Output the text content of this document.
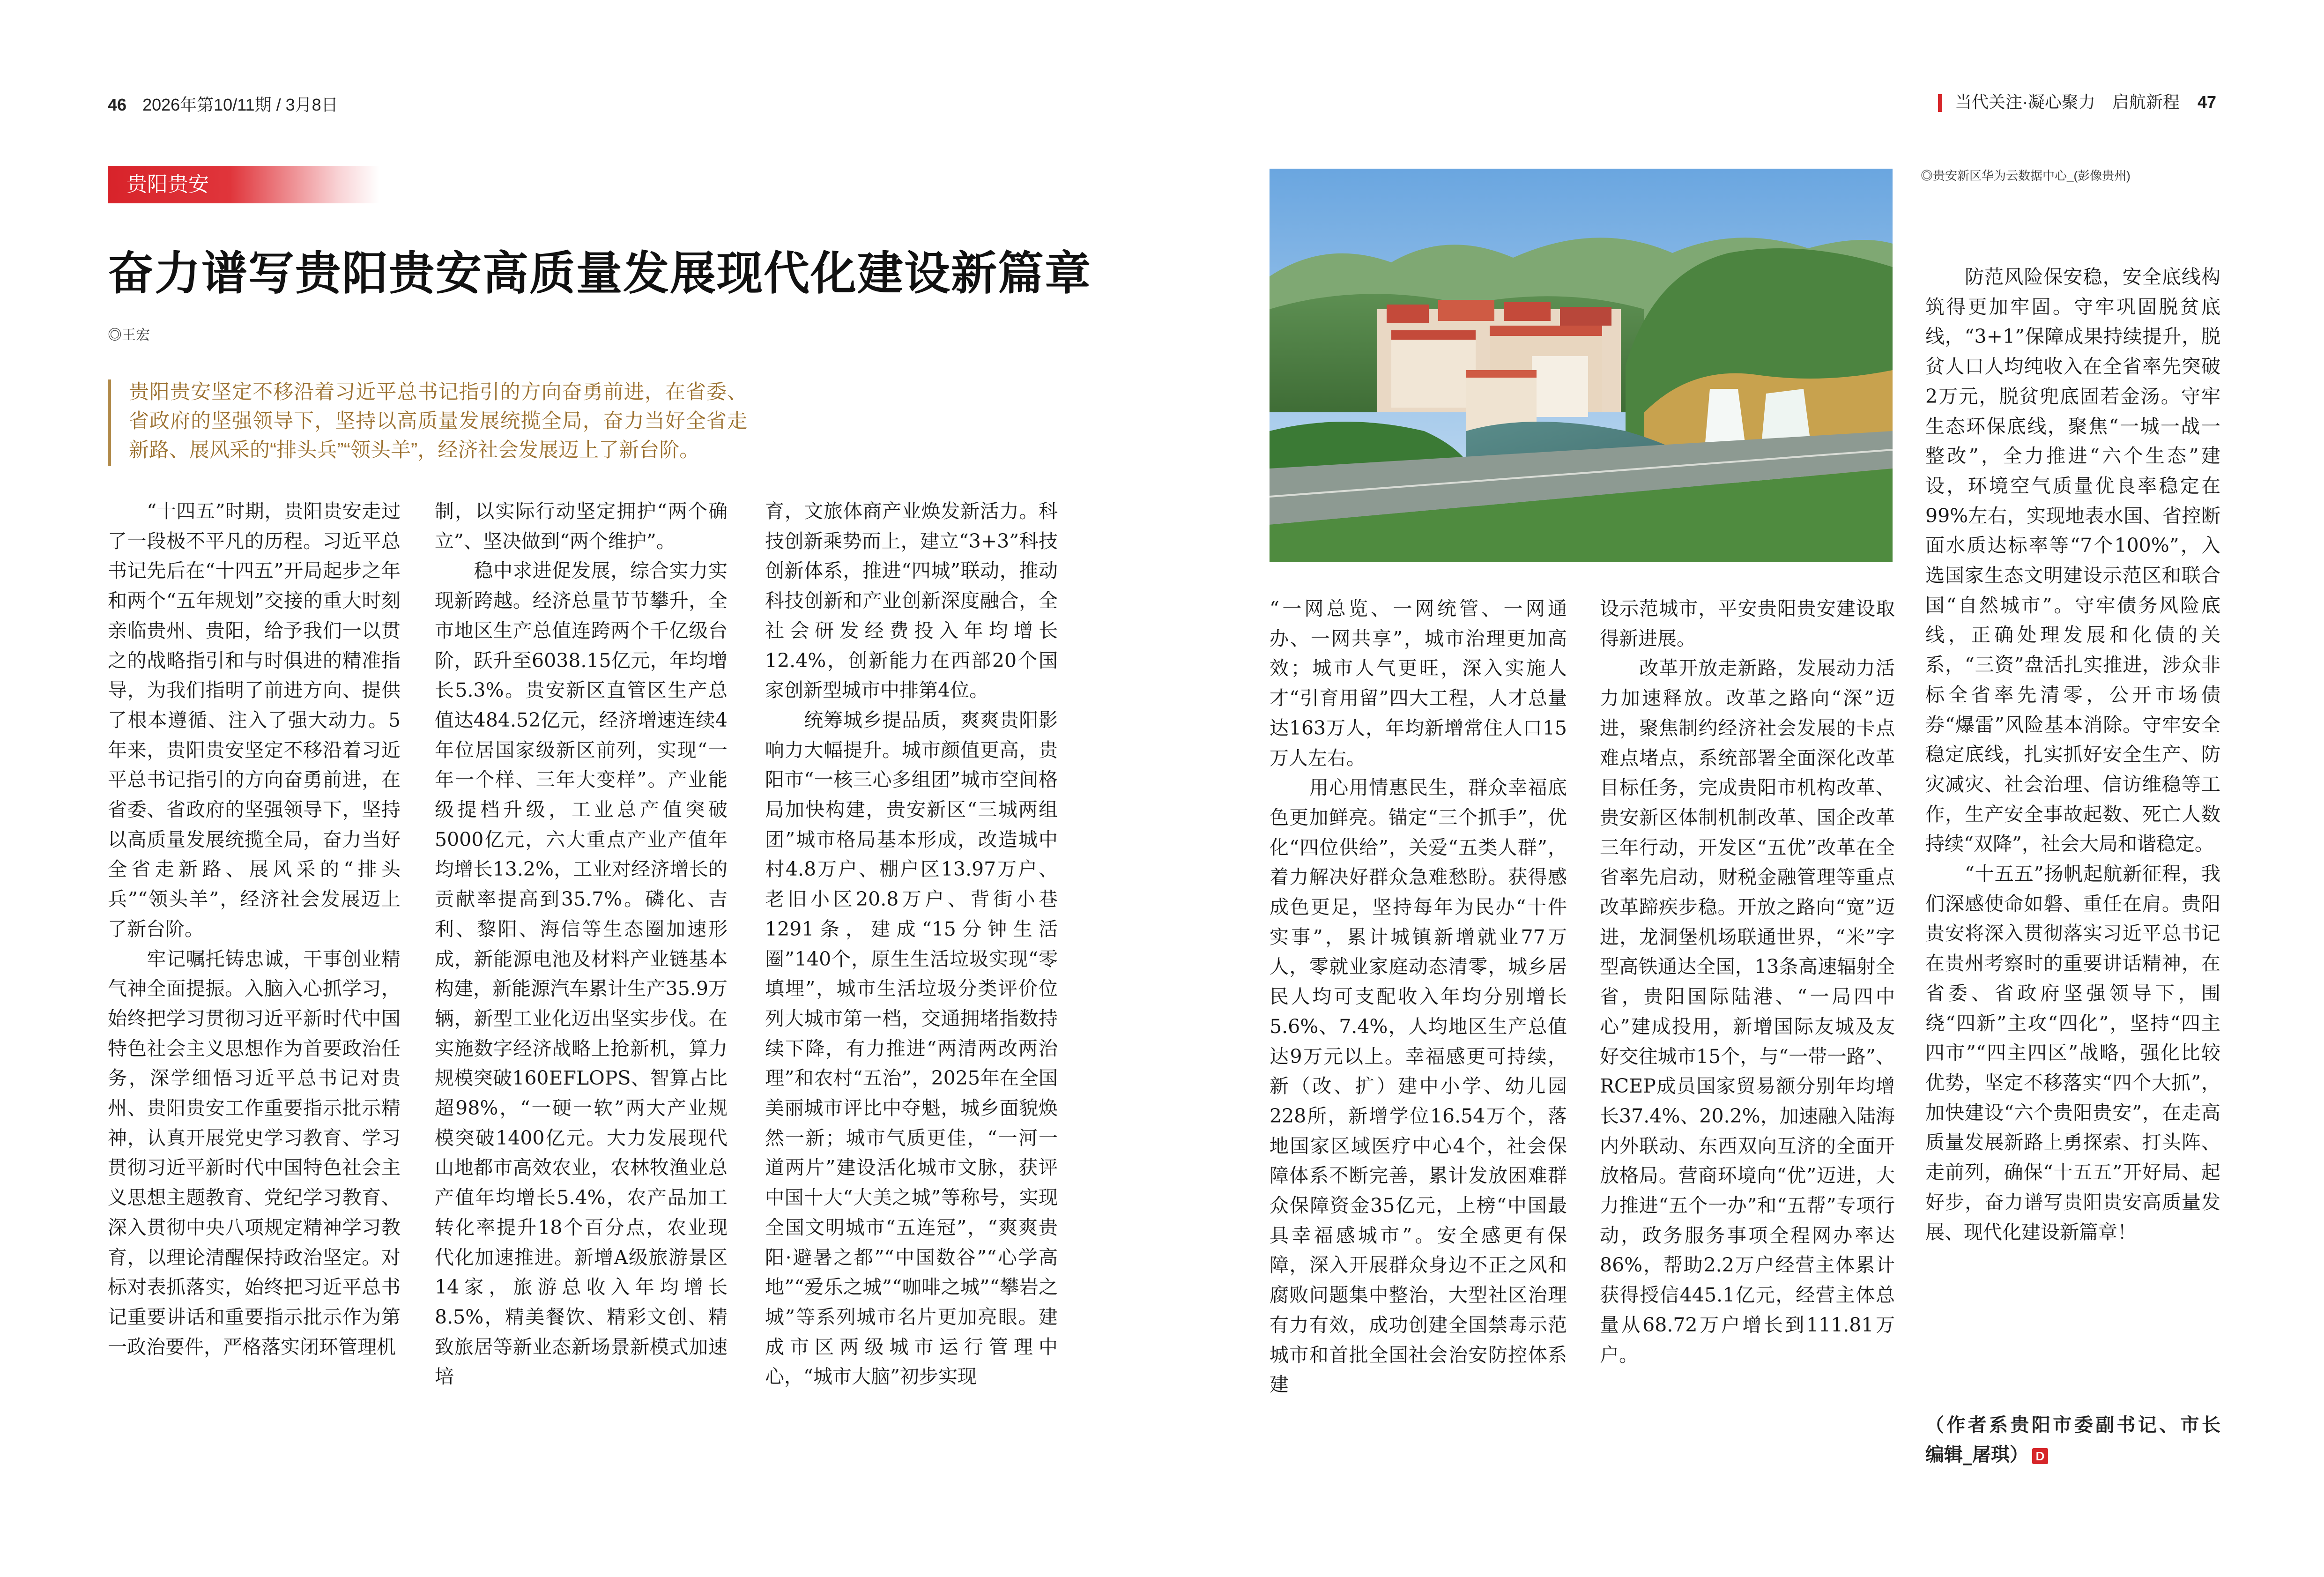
46 2026年第10/11期 / 3月8日	当代关注·凝心聚力　启航新程 47
贵阳贵安
奋力谱写贵阳贵安高质量发展现代化建设新篇章
◎王宏
贵阳贵安坚定不移沿着习近平总书记指引的方向奋勇前进，在省委、省政府的坚强领导下，坚持以高质量发展统揽全局，奋力当好全省走新路、展风采的“排头兵”“领头羊”，经济社会发展迈上了新台阶。
　　“十四五”时期，贵阳贵安走过了一段极不平凡的历程。习近平总书记先后在“十四五”开局起步之年和两个“五年规划”交接的重大时刻亲临贵州、贵阳，给予我们一以贯之的战略指引和与时俱进的精准指导，为我们指明了前进方向、提供了根本遵循、注入了强大动力。5年来，贵阳贵安坚定不移沿着习近平总书记指引的方向奋勇前进，在省委、省政府的坚强领导下，坚持以高质量发展统揽全局，奋力当好全省走新路、展风采的“排头兵”“领头羊”，经济社会发展迈上了新台阶。
　　牢记嘱托铸忠诚，干事创业精气神全面提振。入脑入心抓学习，始终把学习贯彻习近平新时代中国特色社会主义思想作为首要政治任务，深学细悟习近平总书记对贵州、贵阳贵安工作重要指示批示精神，认真开展党史学习教育、学习贯彻习近平新时代中国特色社会主义思想主题教育、党纪学习教育、深入贯彻中央八项规定精神学习教育，以理论清醒保持政治坚定。对标对表抓落实，始终把习近平总书记重要讲话和重要指示批示作为第一政治要件，严格落实闭环管理机
制，以实际行动坚定拥护“两个确立”、坚决做到“两个维护”。
　　稳中求进促发展，综合实力实现新跨越。经济总量节节攀升，全市地区生产总值连跨两个千亿级台阶，跃升至6038.15亿元，年均增长5.3%。贵安新区直管区生产总值达484.52亿元，经济增速连续4年位居国家级新区前列，实现“一年一个样、三年大变样”。产业能级提档升级，工业总产值突破5000亿元，六大重点产业产值年均增长13.2%，工业对经济增长的贡献率提高到35.7%。磷化、吉利、黎阳、海信等生态圈加速形成，新能源电池及材料产业链基本构建，新能源汽车累计生产35.9万辆，新型工业化迈出坚实步伐。在实施数字经济战略上抢新机，算力规模突破160EFLOPS、智算占比超98%，“一硬一软”两大产业规模突破1400亿元。大力发展现代山地都市高效农业，农林牧渔业总产值年均增长5.4%，农产品加工转化率提升18个百分点，农业现代化加速推进。新增A级旅游景区14家，旅游总收入年均增长8.5%，精美餐饮、精彩文创、精致旅居等新业态新场景新模式加速培
育，文旅体商产业焕发新活力。科技创新乘势而上，建立“3+3”科技创新体系，推进“四城”联动，推动科技创新和产业创新深度融合，全社会研发经费投入年均增长12.4%，创新能力在西部20个国家创新型城市中排第4位。
　　统筹城乡提品质，爽爽贵阳影响力大幅提升。城市颜值更高，贵阳市“一核三心多组团”城市空间格局加快构建，贵安新区“三城两组团”城市格局基本形成，改造城中村4.8万户、棚户区13.97万户、老旧小区20.8万户、背街小巷1291条，建成“15分钟生活圈”140个，原生生活垃圾实现“零填埋”，城市生活垃圾分类评价位列大城市第一档，交通拥堵指数持续下降，有力推进“两清两改两治理”和农村“五治”，2025年在全国美丽城市评比中夺魁，城乡面貌焕然一新；城市气质更佳，“一河一道两片”建设活化城市文脉，获评中国十大“大美之城”等称号，实现全国文明城市“五连冠”，“爽爽贵阳·避暑之都”“中国数谷”“心学高地”“爱乐之城”“咖啡之城”“攀岩之城”等系列城市名片更加亮眼。建成市区两级城市运行管理中心，“城市大脑”初步实现
◎贵安新区华为云数据中心_(彭像贵州)
“一网总览、一网统管、一网通办、一网共享”，城市治理更加高效；城市人气更旺，深入实施人才“引育用留”四大工程，人才总量达163万人，年均新增常住人口15万人左右。
　　用心用情惠民生，群众幸福底色更加鲜亮。锚定“三个抓手”，优化“四位供给”，关爱“五类人群”，着力解决好群众急难愁盼。获得感成色更足，坚持每年为民办“十件实事”，累计城镇新增就业77万人，零就业家庭动态清零，城乡居民人均可支配收入年均分别增长5.6%、7.4%，人均地区生产总值达9万元以上。幸福感更可持续，新（改、扩）建中小学、幼儿园228所，新增学位16.54万个，落地国家区域医疗中心4个，社会保障体系不断完善，累计发放困难群众保障资金35亿元，上榜“中国最具幸福感城市”。安全感更有保障，深入开展群众身边不正之风和腐败问题集中整治，大型社区治理有力有效，成功创建全国禁毒示范城市和首批全国社会治安防控体系建
设示范城市，平安贵阳贵安建设取得新进展。
　　改革开放走新路，发展动力活力加速释放。改革之路向“深”迈进，聚焦制约经济社会发展的卡点难点堵点，系统部署全面深化改革目标任务，完成贵阳市机构改革、贵安新区体制机制改革、国企改革三年行动，开发区“五优”改革在全省率先启动，财税金融管理等重点改革蹄疾步稳。开放之路向“宽”迈进，龙洞堡机场联通世界，“米”字型高铁通达全国，13条高速辐射全省，贵阳国际陆港、“一局四中心”建成投用，新增国际友城及友好交往城市15个，与“一带一路”、RCEP成员国家贸易额分别年均增长37.4%、20.2%，加速融入陆海内外联动、东西双向互济的全面开放格局。营商环境向“优”迈进，大力推进“五个一办”和“五帮”专项行动，政务服务事项全程网办率达86%，帮助2.2万户经营主体累计获得授信445.1亿元，经营主体总量从68.72万户增长到111.81万户。
　　防范风险保安稳，安全底线构筑得更加牢固。守牢巩固脱贫底线，“3+1”保障成果持续提升，脱贫人口人均纯收入在全省率先突破2万元，脱贫兜底固若金汤。守牢生态环保底线，聚焦“一城一战一整改”，全力推进“六个生态”建设，环境空气质量优良率稳定在99%左右，实现地表水国、省控断面水质达标率等“7个100%”，入选国家生态文明建设示范区和联合国“自然城市”。守牢债务风险底线，正确处理发展和化债的关系，“三资”盘活扎实推进，涉众非标全省率先清零，公开市场债券“爆雷”风险基本消除。守牢安全稳定底线，扎实抓好安全生产、防灾减灾、社会治理、信访维稳等工作，生产安全事故起数、死亡人数持续“双降”，社会大局和谐稳定。
　　“十五五”扬帆起航新征程，我们深感使命如磐、重任在肩。贵阳贵安将深入贯彻落实习近平总书记在贵州考察时的重要讲话精神，在省委、省政府坚强领导下，围绕“四新”主攻“四化”，坚持“四主四市”“四主四区”战略，强化比较优势，坚定不移落实“四个大抓”，加快建设“六个贵阳贵安”，在走高质量发展新路上勇探索、打头阵、走前列，确保“十五五”开好局、起好步，奋力谱写贵阳贵安高质量发展、现代化建设新篇章！
（作者系贵阳市委副书记、市长　编辑_屠琪） D
